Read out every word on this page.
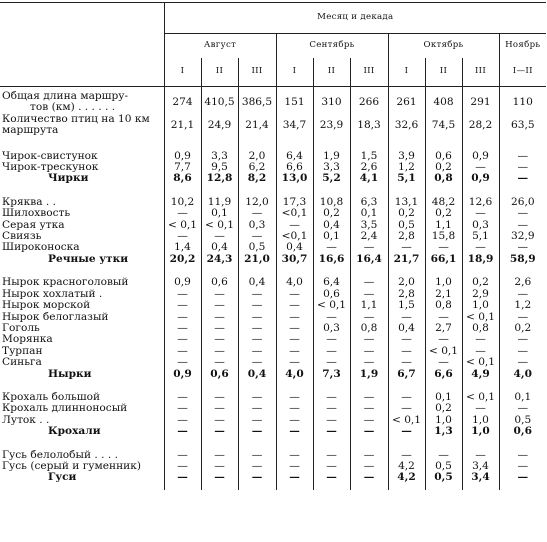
	Месяц и декада									
	Август			Сентябрь			Октябрь			Ноябрь
	I	II	III	I	II	III	I	II	III	I—II

Общая длина маршру-
тов (км) . . . . . .	274	410,5	386,5	151	310	266	261	408	291	110

Количество птиц на 10 км
маршрута	21,1	24,9	21,4	34,7	23,9	18,3	32,6	74,5	28,2	63,5

Чирок-свистунок	0,9	3,3	2,0	6,4	1,9	1,5	3,9	0,6	0,9	—
Чирок-трескунок	7,7	9,5	6,2	6,6	3,3	2,6	1,2	0,2	—	—
Чирки	8,6	12,8	8,2	13,0	5,2	4,1	5,1	0,8	0,9	—

Кряква . .	10,2	11,9	12,0	17,3	10,8	6,3	13,1	48,2	12,6	26,0
Шилохвость	—	0,1	—	<0,1	0,2	0,1	0,2	0,2	—	—
Серая утка	< 0,1	< 0,1	0,3	—	0,4	3,5	0,5	1,1	0,3	—
Свиязь	—	—	—	<0,1	0,1	2,4	2,8	15,8	5,1	32,9
Широконоска	1,4	0,4	0,5	0,4	—	—	—	—	—	—
Речные утки	20,2	24,3	21,0	30,7	16,6	16,4	21,7	66,1	18,9	58,9

Нырок красноголовый	0,9	0,6	0,4	4,0	6,4	—	2,0	1,0	0,2	2,6
Нырок хохлатый .	—	—	—	—	0,6	—	2,8	2,1	2,9	—
Нырок морской	—	—	—	—	< 0,1	1,1	1,5	0,8	1,0	1,2
Нырок белоглазый	—	—	—	—	—	—	—	—	< 0,1	—
Гоголь	—	—	—	—	0,3	0,8	0,4	2,7	0,8	0,2
Морянка	—	—	—	—	—	—	—	—	—	—
Турпан	—	—	—	—	—	—	—	< 0,1	—	—
Синьга	—	—	—	—	—	—	—	—	< 0,1	—
Нырки	0,9	0,6	0,4	4,0	7,3	1,9	6,7	6,6	4,9	4,0

Крохаль большой	—	—	—	—	—	—	—	0,1	< 0,1	0,1
Крохаль длинноносый	—	—	—	—	—	—	—	0,2	—	—
Луток . .	—	—	—	—	—	—	< 0,1	1,0	1,0	0,5
Крохали	—	—	—	—	—	—	—	1,3	1,0	0,6

Гусь белолобый . . . .	—	—	—	—	—	—	—	—	—	—
Гусь (серый и гуменник)	—	—	—	—	—	—	4,2	0,5	3,4	—
Гуси	—	—	—	—	—	—	4,2	0,5	3,4	—
